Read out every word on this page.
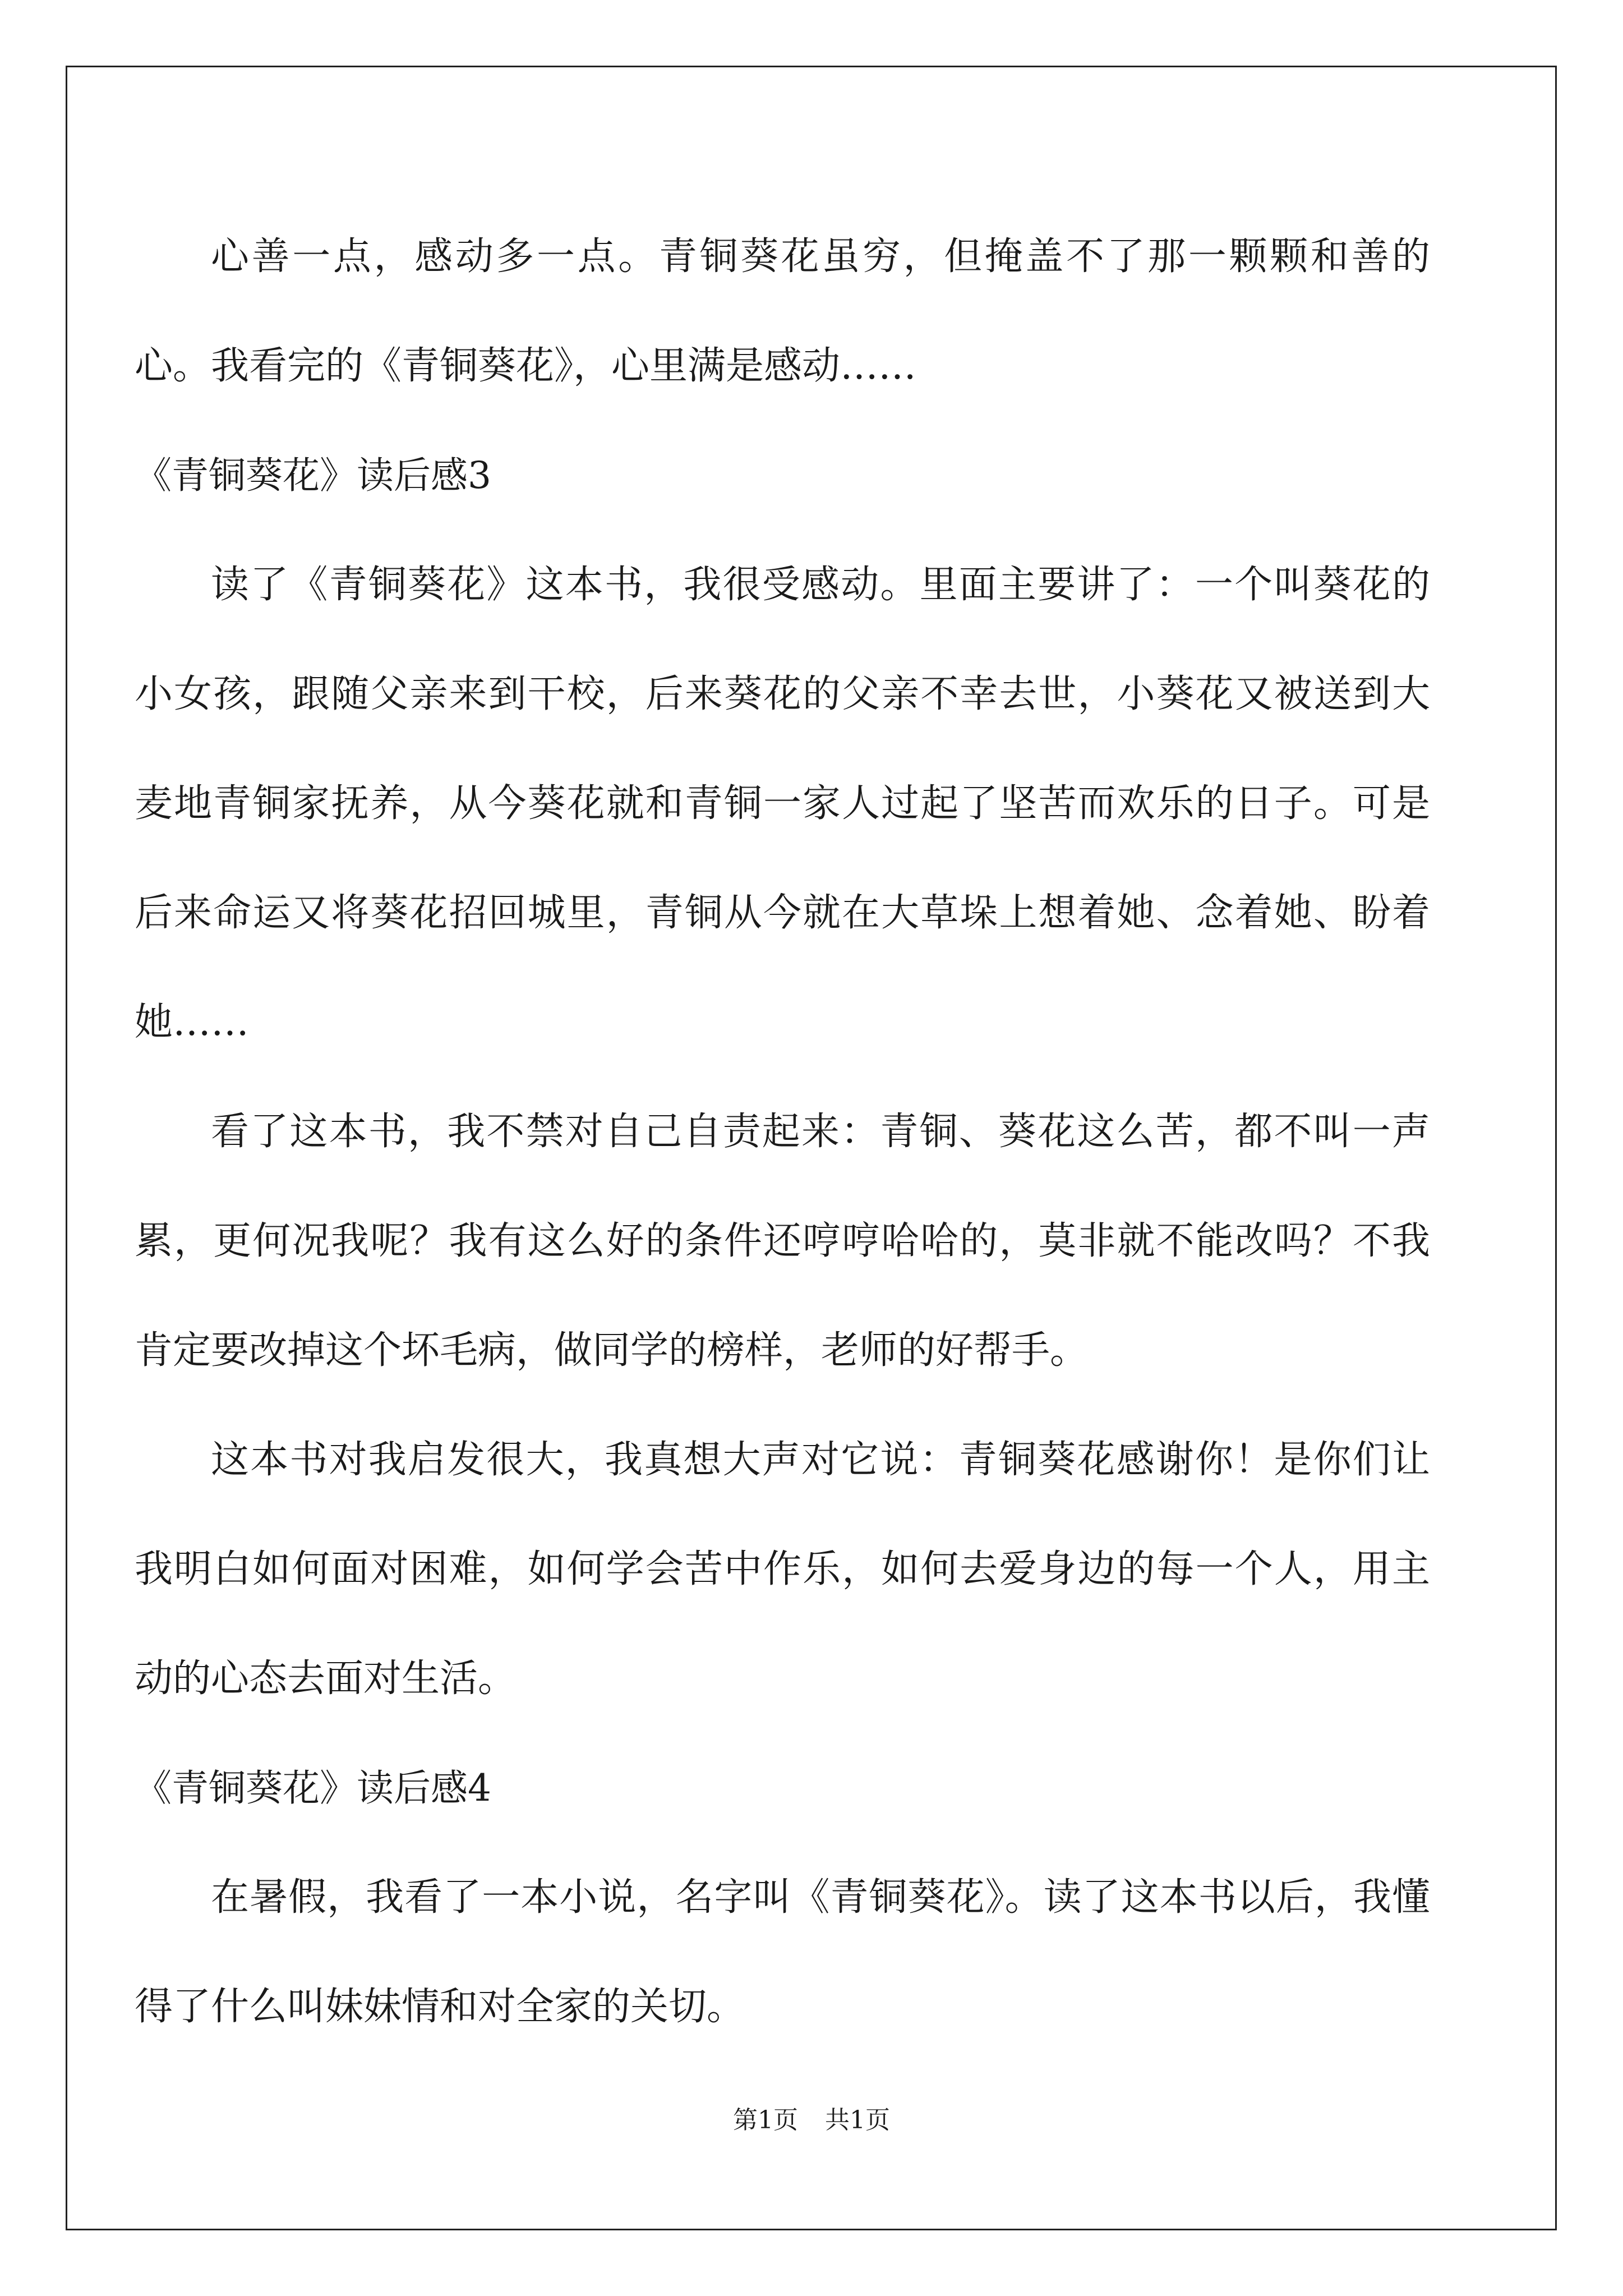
心善一点，感动多一点。青铜葵花虽穷，但掩盖不了那一颗颗和善的心。我看完的《青铜葵花》，心里满是感动……

《青铜葵花》读后感3

读了《青铜葵花》这本书，我很受感动。里面主要讲了：一个叫葵花的小女孩，跟随父亲来到干校，后来葵花的父亲不幸去世，小葵花又被送到大麦地青铜家抚养，从今葵花就和青铜一家人过起了坚苦而欢乐的日子。可是后来命运又将葵花招回城里，青铜从今就在大草垛上想着她、念着她、盼着她……

看了这本书，我不禁对自己自责起来：青铜、葵花这么苦，都不叫一声累，更何况我呢？我有这么好的条件还哼哼哈哈的，莫非就不能改吗？不我肯定要改掉这个坏毛病，做同学的榜样，老师的好帮手。

这本书对我启发很大，我真想大声对它说：青铜葵花感谢你！是你们让我明白如何面对困难，如何学会苦中作乐，如何去爱身边的每一个人，用主动的心态去面对生活。

《青铜葵花》读后感4

在暑假，我看了一本小说，名字叫《青铜葵花》。读了这本书以后，我懂得了什么叫妹妹情和对全家的关切。

第1页 共1页
